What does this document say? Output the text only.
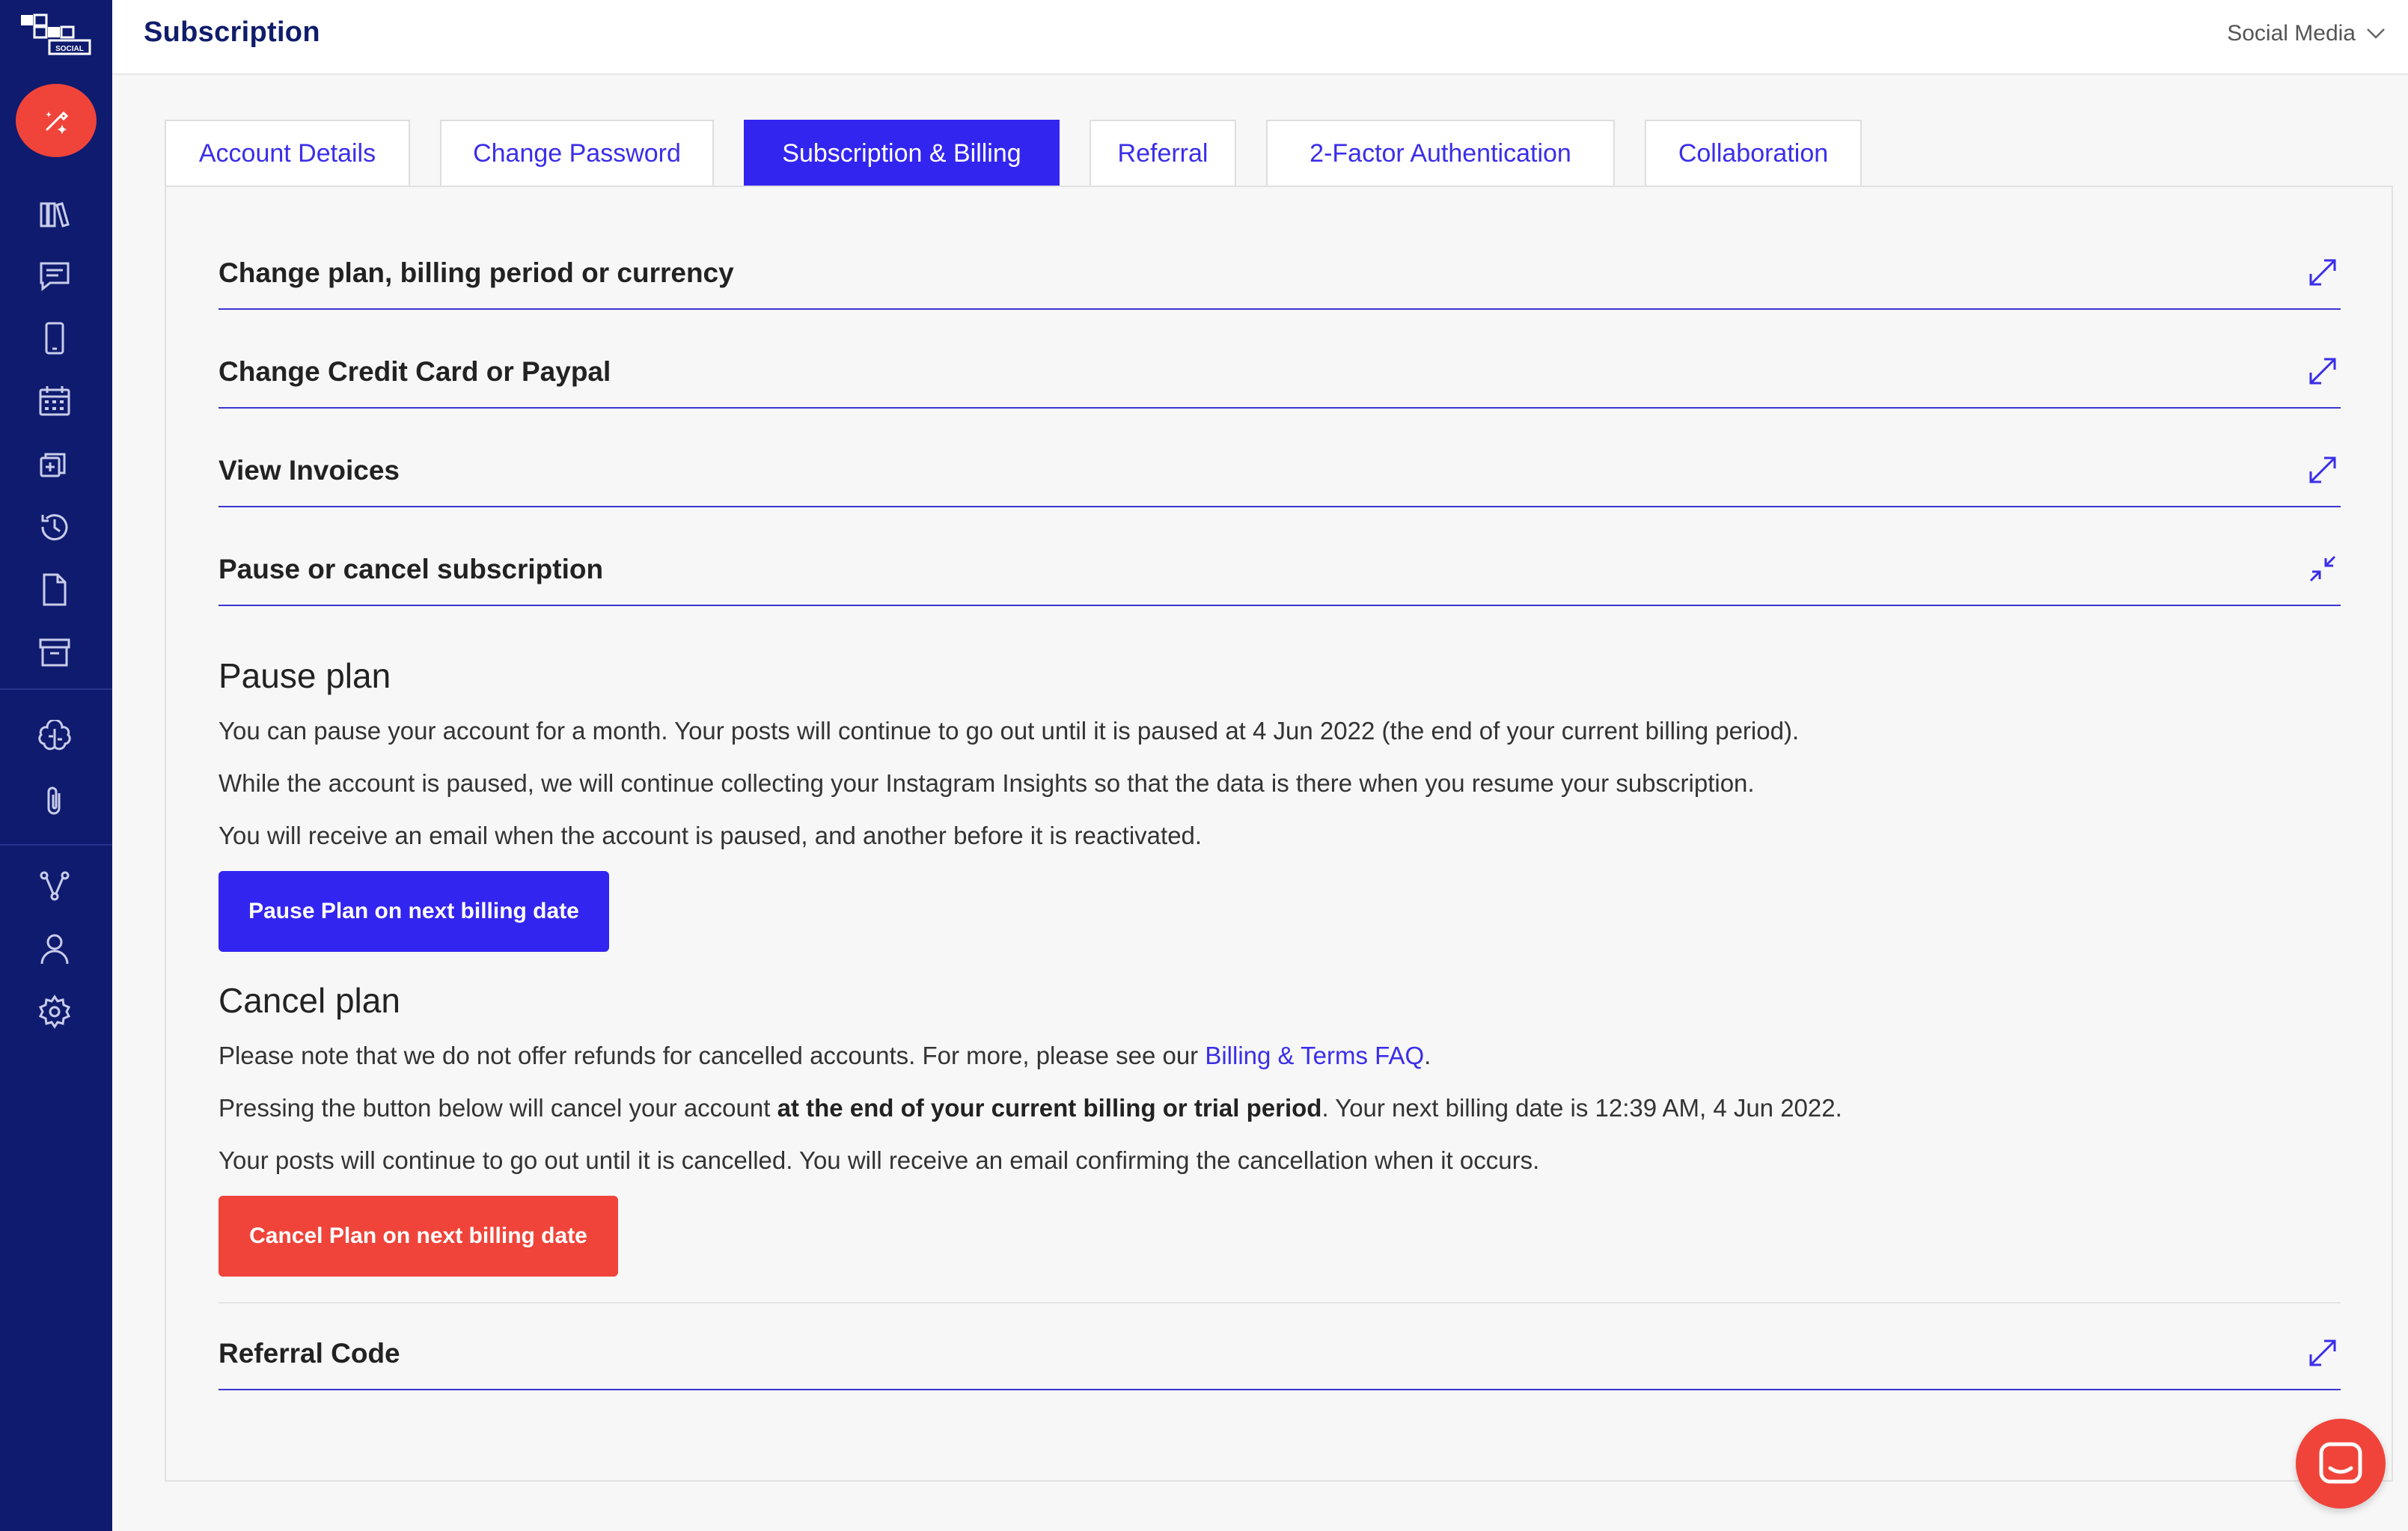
SOCIAL
Subscription	Social Media
Account Details	Change Password	Subscription & Billing	Referral	2-Factor Authentication	Collaboration
Change plan, billing period or currency
Change Credit Card or Paypal
View Invoices
Pause or cancel subscription
Pause plan
You can pause your account for a month. Your posts will continue to go out until it is paused at 4 Jun 2022 (the end of your current billing period).
While the account is paused, we will continue collecting your Instagram Insights so that the data is there when you resume your subscription.
You will receive an email when the account is paused, and another before it is reactivated.
Pause Plan on next billing date
Cancel plan
Please note that we do not offer refunds for cancelled accounts. For more, please see our Billing & Terms FAQ.
Pressing the button below will cancel your account at the end of your current billing or trial period. Your next billing date is 12:39 AM, 4 Jun 2022.
Your posts will continue to go out until it is cancelled. You will receive an email confirming the cancellation when it occurs.
Cancel Plan on next billing date
Referral Code
